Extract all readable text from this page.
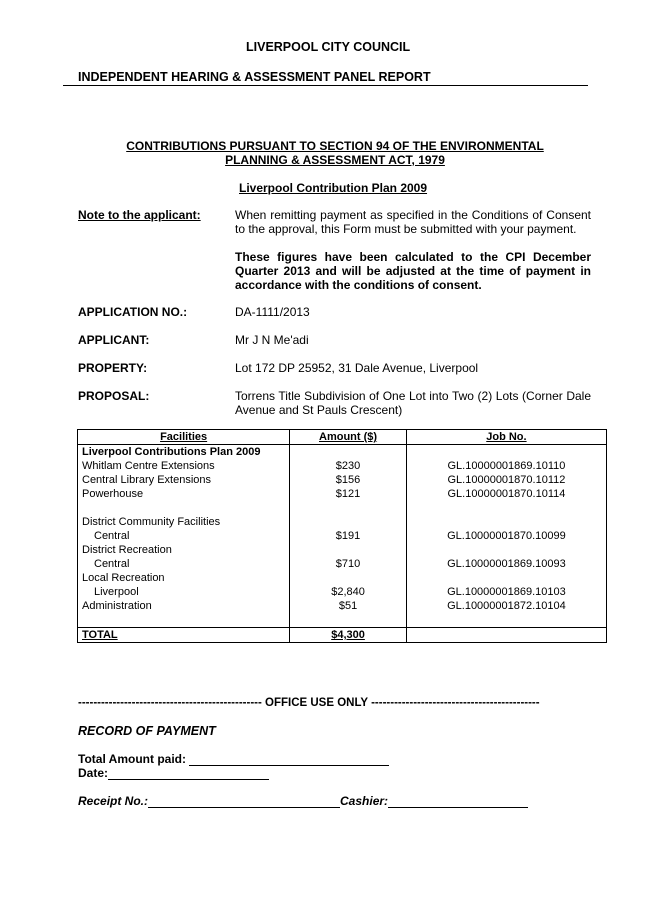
LIVERPOOL CITY COUNCIL
INDEPENDENT HEARING & ASSESSMENT PANEL REPORT
CONTRIBUTIONS PURSUANT TO SECTION 94 OF THE ENVIRONMENTAL
PLANNING & ASSESSMENT ACT, 1979
Liverpool Contribution Plan 2009
Note to the applicant:	When remitting payment as specified in the Conditions of Consent to the approval, this Form must be submitted with your payment.
These figures have been calculated to the CPI December Quarter 2013 and will be adjusted at the time of payment in accordance with the conditions of consent.
APPLICATION NO.:	DA-1111/2013
APPLICANT:	Mr J N Me'adi
PROPERTY:	Lot 172 DP 25952, 31 Dale Avenue, Liverpool
PROPOSAL:	Torrens Title Subdivision of One Lot into Two (2) Lots (Corner Dale Avenue and St Pauls Crescent)
Facilities	Amount ($)	Job No.
Liverpool Contributions Plan 2009		
Whitlam Centre Extensions	$230	GL.10000001869.10110
Central Library Extensions	$156	GL.10000001870.10112
Powerhouse	$121	GL.10000001870.10114

District Community Facilities		
Central	$191	GL.10000001870.10099
District Recreation		
Central	$710	GL.10000001869.10093
Local Recreation		
Liverpool	$2,840	GL.10000001869.10103
Administration	$51	GL.10000001872.10104

TOTAL	$4,300	
------------------------------------------------ OFFICE USE ONLY --------------------------------------------
RECORD OF PAYMENT
Total Amount paid:
Date:
Receipt No.:	Cashier:
